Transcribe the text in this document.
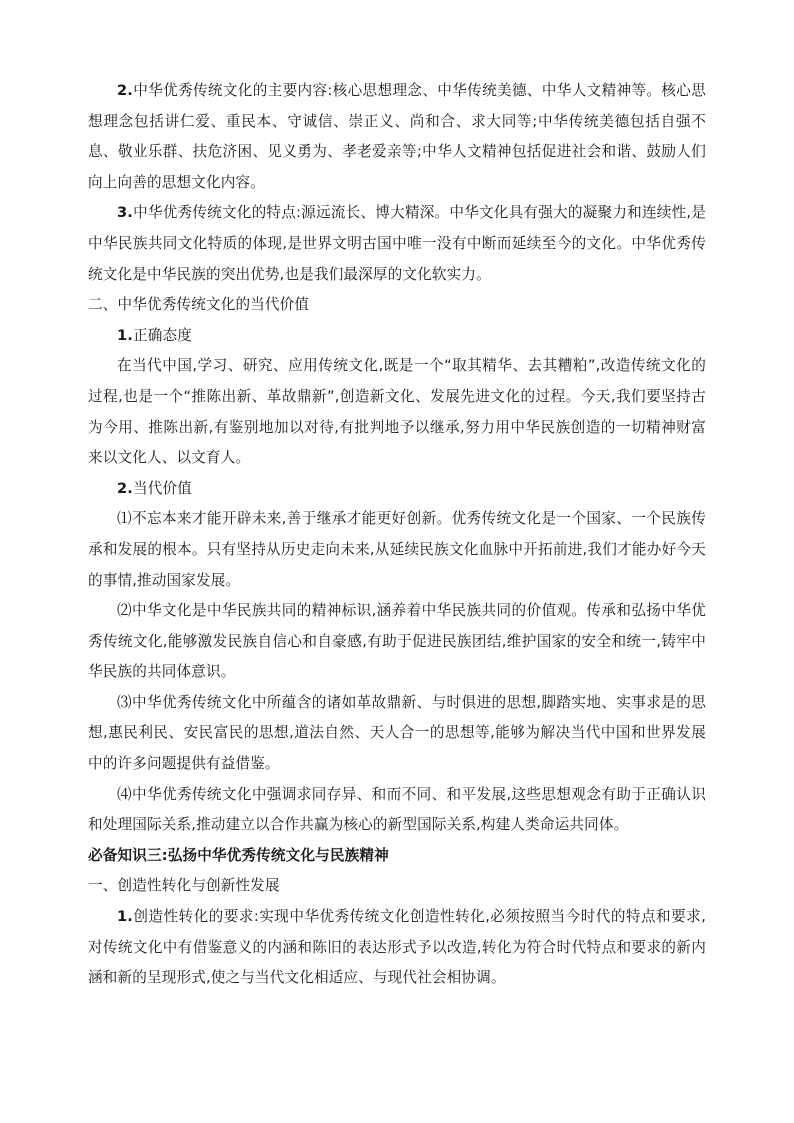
2.中华优秀传统文化的主要内容:核心思想理念、中华传统美德、中华人文精神等。核心思想理念包括讲仁爱、重民本、守诚信、崇正义、尚和合、求大同等;中华传统美德包括自强不息、敬业乐群、扶危济困、见义勇为、孝老爱亲等;中华人文精神包括促进社会和谐、鼓励人们向上向善的思想文化内容。

3.中华优秀传统文化的特点:源远流长、博大精深。中华文化具有强大的凝聚力和连续性,是中华民族共同文化特质的体现,是世界文明古国中唯一没有中断而延续至今的文化。中华优秀传统文化是中华民族的突出优势,也是我们最深厚的文化软实力。

二、中华优秀传统文化的当代价值

1.正确态度

在当代中国,学习、研究、应用传统文化,既是一个“取其精华、去其糟粕”,改造传统文化的过程,也是一个“推陈出新、革故鼎新”,创造新文化、发展先进文化的过程。今天,我们要坚持古为今用、推陈出新,有鉴别地加以对待,有批判地予以继承,努力用中华民族创造的一切精神财富来以文化人、以文育人。

2.当代价值

⑴不忘本来才能开辟未来,善于继承才能更好创新。优秀传统文化是一个国家、一个民族传承和发展的根本。只有坚持从历史走向未来,从延续民族文化血脉中开拓前进,我们才能办好今天的事情,推动国家发展。

⑵中华文化是中华民族共同的精神标识,涵养着中华民族共同的价值观。传承和弘扬中华优秀传统文化,能够激发民族自信心和自豪感,有助于促进民族团结,维护国家的安全和统一,铸牢中华民族的共同体意识。

⑶中华优秀传统文化中所蕴含的诸如革故鼎新、与时俱进的思想,脚踏实地、实事求是的思想,惠民利民、安民富民的思想,道法自然、天人合一的思想等,能够为解决当代中国和世界发展中的许多问题提供有益借鉴。

⑷中华优秀传统文化中强调求同存异、和而不同、和平发展,这些思想观念有助于正确认识和处理国际关系,推动建立以合作共赢为核心的新型国际关系,构建人类命运共同体。

必备知识三:弘扬中华优秀传统文化与民族精神

一、创造性转化与创新性发展

1.创造性转化的要求:实现中华优秀传统文化创造性转化,必须按照当今时代的特点和要求,对传统文化中有借鉴意义的内涵和陈旧的表达形式予以改造,转化为符合时代特点和要求的新内涵和新的呈现形式,使之与当代文化相适应、与现代社会相协调。
